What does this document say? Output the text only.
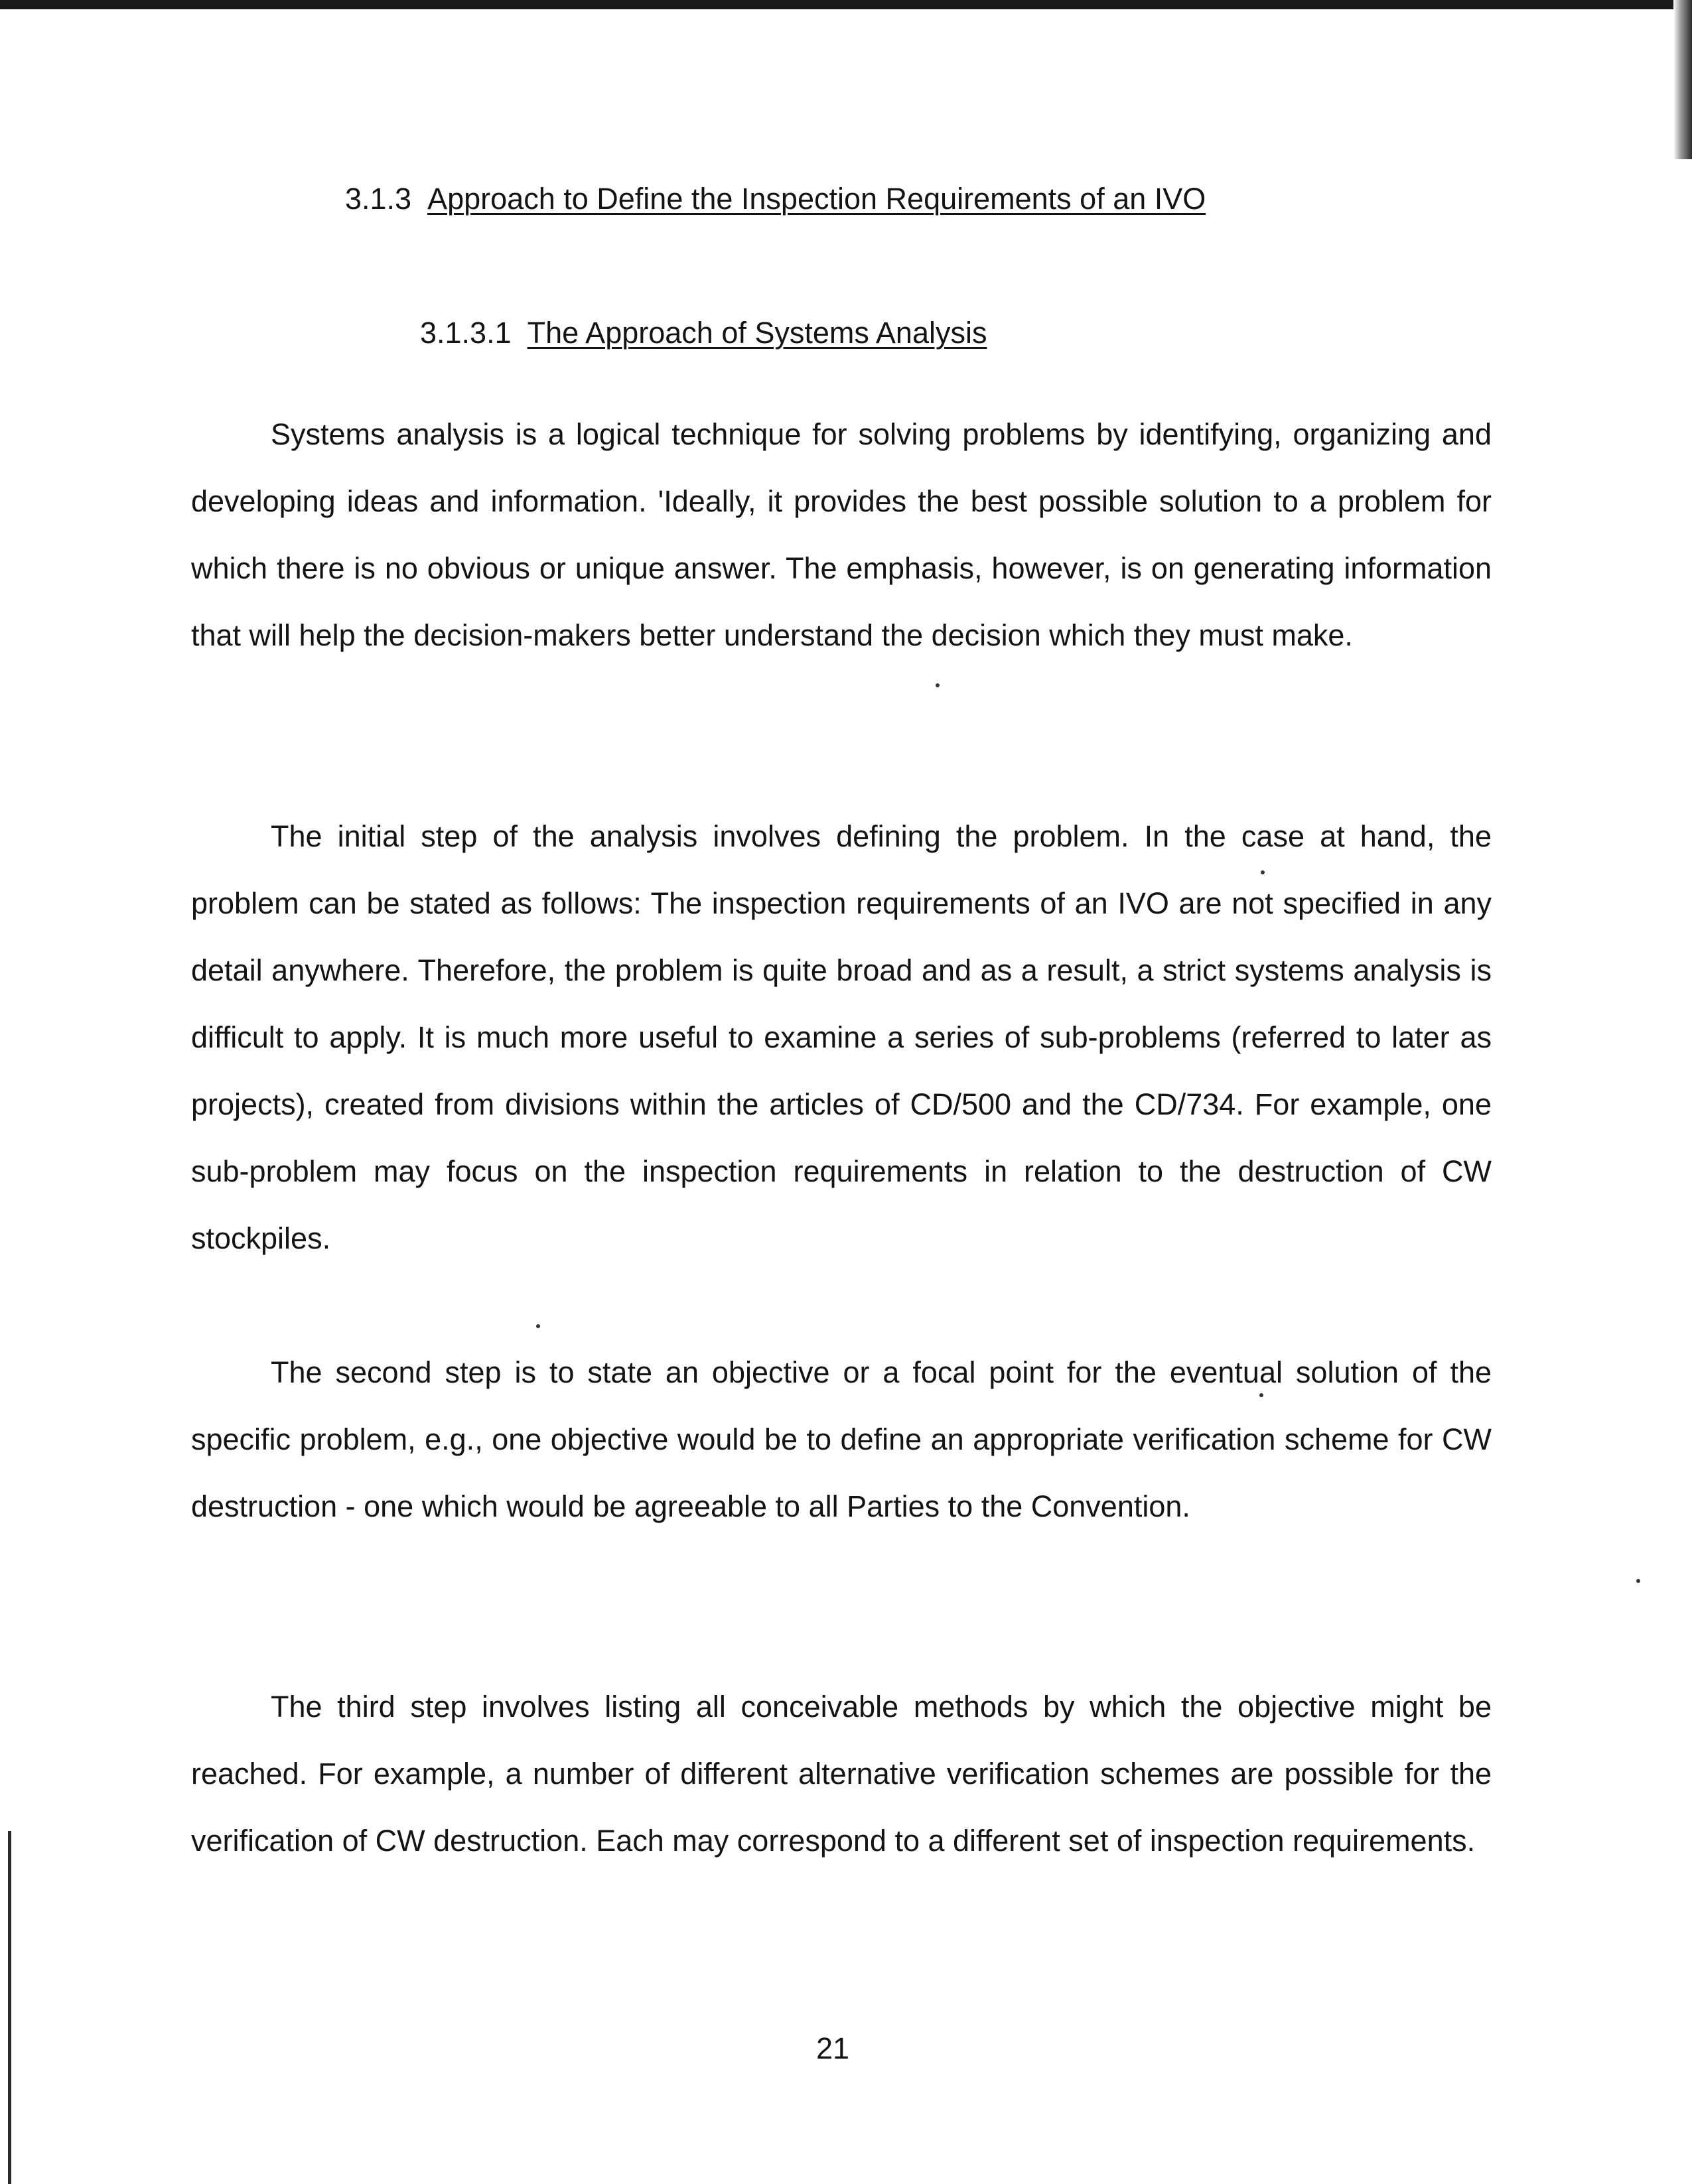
3.1.3 Approach to Define the Inspection Requirements of an IVO
3.1.3.1 The Approach of Systems Analysis

Systems analysis is a logical technique for solving problems by identifying, organizing and developing ideas and information. 'Ideally, it provides the best possible solution to a problem for which there is no obvious or unique answer. The emphasis, however, is on generating information that will help the decision-makers better understand the decision which they must make.

The initial step of the analysis involves defining the problem. In the case at hand, the problem can be stated as follows: The inspection requirements of an IVO are not specified in any detail anywhere. Therefore, the problem is quite broad and as a result, a strict systems analysis is difficult to apply. It is much more useful to examine a series of sub-problems (referred to later as projects), created from divisions within the articles of CD/500 and the CD/734. For example, one sub-problem may focus on the inspection requirements in relation to the destruction of CW stockpiles.

The second step is to state an objective or a focal point for the eventual solution of the specific problem, e.g., one objective would be to define an appropriate verification scheme for CW destruction - one which would be agreeable to all Parties to the Convention.

The third step involves listing all conceivable methods by which the objective might be reached. For example, a number of different alternative verification schemes are possible for the verification of CW destruction. Each may correspond to a different set of inspection requirements.

21
